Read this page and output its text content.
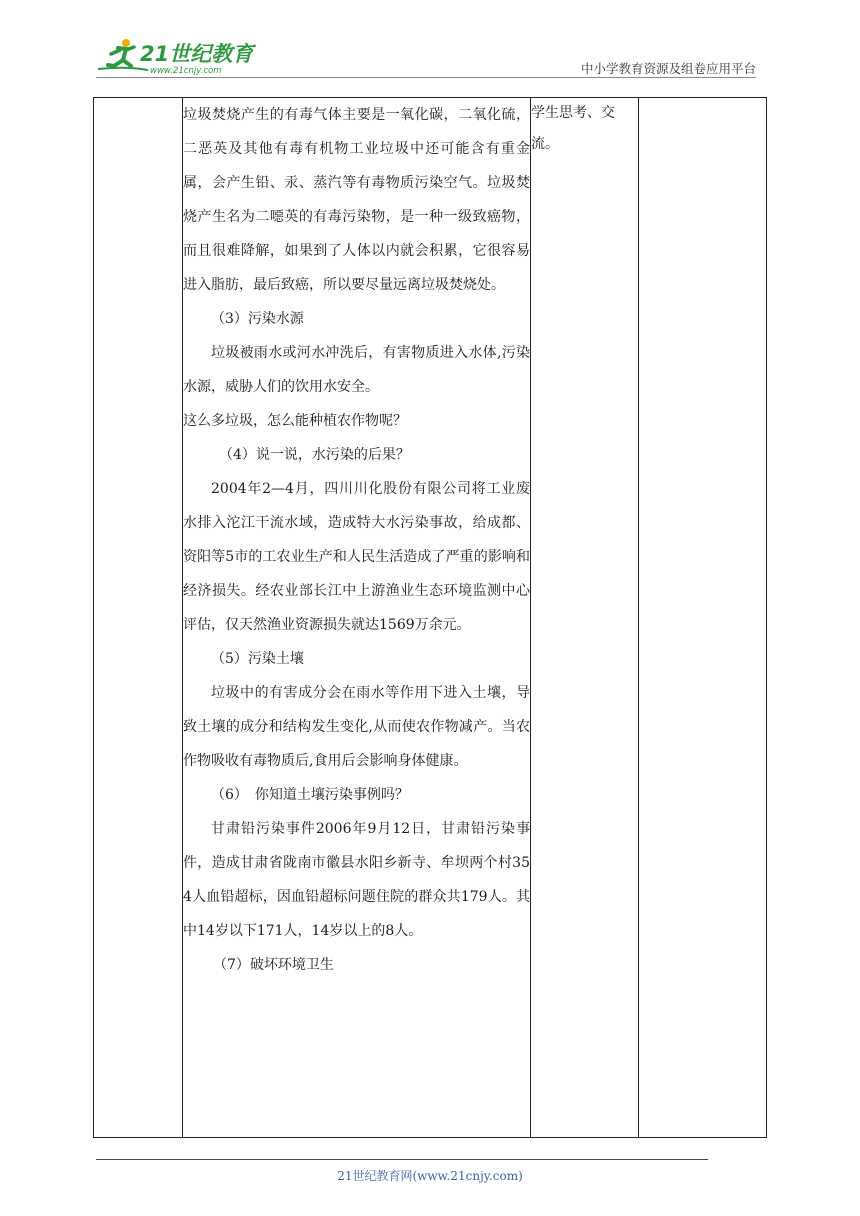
21世纪教育
www.21cnjy.com	中小学教育资源及组卷应用平台

垃圾焚烧产生的有毒气体主要是一氧化碳，二氧化硫，二恶英及其他有毒有机物工业垃圾中还可能含有重金属，会产生铅、汞、蒸汽等有毒物质污染空气。垃圾焚烧产生名为二噁英的有毒污染物，是一种一级致癌物，而且很难降解，如果到了人体以内就会积累，它很容易进入脂肪，最后致癌，所以要尽量远离垃圾焚烧处。

（3）污染水源

垃圾被雨水或河水冲洗后，有害物质进入水体,污染水源，威胁人们的饮用水安全。

这么多垃圾，怎么能种植农作物呢？

（4）说一说，水污染的后果？

2004年2—4月，四川川化股份有限公司将工业废水排入沱江干流水域，造成特大水污染事故，给成都、资阳等5市的工农业生产和人民生活造成了严重的影响和经济损失。经农业部长江中上游渔业生态环境监测中心评估，仅天然渔业资源损失就达1569万余元。

（5）污染土壤

垃圾中的有害成分会在雨水等作用下进入土壤，导致土壤的成分和结构发生变化,从而使农作物减产。当农作物吸收有毒物质后,食用后会影响身体健康。

（6）　你知道土壤污染事例吗？

甘肃铅污染事件2006年9月12日，甘肃铅污染事件，造成甘肃省陇南市徽县水阳乡新寺、牟坝两个村354人血铅超标，因血铅超标问题住院的群众共179人。其中14岁以下171人，14岁以上的8人。

（7）破坏环境卫生

学生思考、交流。

21世纪教育网(www.21cnjy.com)
